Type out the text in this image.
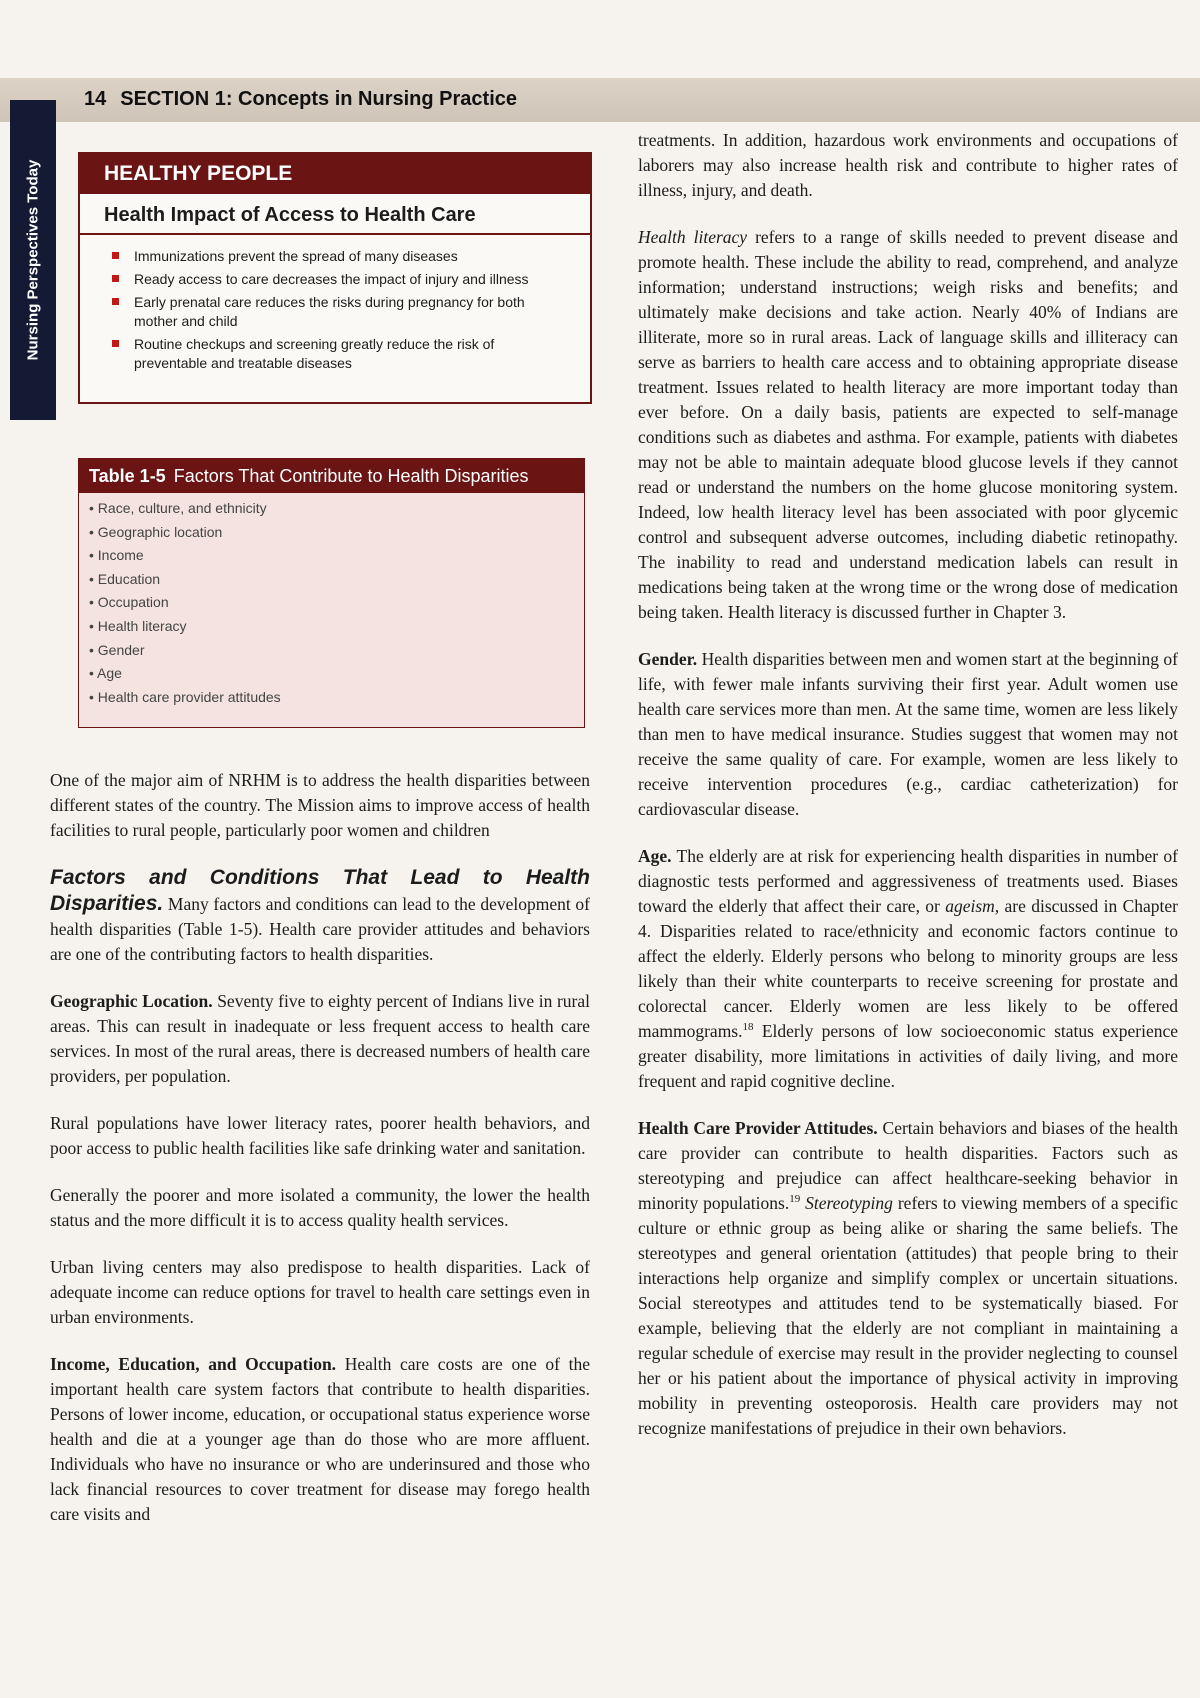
14 SECTION 1: Concepts in Nursing Practice
Nursing Perspectives Today	HEALTHY PEOPLE
Health Impact of Access to Health Care
Immunizations prevent the spread of many diseases
Ready access to care decreases the impact of injury and illness
Early prenatal care reduces the risks during pregnancy for both mother and child
Routine checkups and screening greatly reduce the risk of preventable and treatable diseases
Table 1-5 Factors That Contribute to Health Disparities
• Race, culture, and ethnicity
• Geographic location
• Income
• Education
• Occupation
• Health literacy
• Gender
• Age
• Health care provider attitudes

One of the major aim of NRHM is to address the health disparities between different states of the country. The Mission aims to improve access of health facilities to rural people, particularly poor women and children

Factors and Conditions That Lead to Health Disparities. Many factors and conditions can lead to the development of health disparities (Table 1-5). Health care provider attitudes and behaviors are one of the contributing factors to health disparities.

Geographic Location. Seventy five to eighty percent of Indians live in rural areas. This can result in inadequate or less frequent access to health care services. In most of the rural areas, there is decreased numbers of health care providers, per population.

Rural populations have lower literacy rates, poorer health behaviors, and poor access to public health facilities like safe drinking water and sanitation.

Generally the poorer and more isolated a community, the lower the health status and the more difficult it is to access quality health services.

Urban living centers may also predispose to health disparities. Lack of adequate income can reduce options for travel to health care settings even in urban environments.

Income, Education, and Occupation. Health care costs are one of the important health care system factors that contribute to health disparities. Persons of lower income, education, or occupational status experience worse health and die at a younger age than do those who are more affluent. Individuals who have no insurance or who are underinsured and those who lack financial resources to cover treatment for disease may forego health care visits and

treatments. In addition, hazardous work environments and occupations of laborers may also increase health risk and contribute to higher rates of illness, injury, and death.

Health literacy refers to a range of skills needed to prevent disease and promote health. These include the ability to read, comprehend, and analyze information; understand instructions; weigh risks and benefits; and ultimately make decisions and take action. Nearly 40% of Indians are illiterate, more so in rural areas. Lack of language skills and illiteracy can serve as barriers to health care access and to obtaining appropriate disease treatment. Issues related to health literacy are more important today than ever before. On a daily basis, patients are expected to self-manage conditions such as diabetes and asthma. For example, patients with diabetes may not be able to maintain adequate blood glucose levels if they cannot read or understand the numbers on the home glucose monitoring system. Indeed, low health literacy level has been associated with poor glycemic control and subsequent adverse outcomes, including diabetic retinopathy. The inability to read and understand medication labels can result in medications being taken at the wrong time or the wrong dose of medication being taken. Health literacy is discussed further in Chapter 3.

Gender. Health disparities between men and women start at the beginning of life, with fewer male infants surviving their first year. Adult women use health care services more than men. At the same time, women are less likely than men to have medical insurance. Studies suggest that women may not receive the same quality of care. For example, women are less likely to receive intervention procedures (e.g., cardiac catheterization) for cardiovascular disease.

Age. The elderly are at risk for experiencing health disparities in number of diagnostic tests performed and aggressiveness of treatments used. Biases toward the elderly that affect their care, or ageism, are discussed in Chapter 4. Disparities related to race/ethnicity and economic factors continue to affect the elderly. Elderly persons who belong to minority groups are less likely than their white counterparts to receive screening for prostate and colorectal cancer. Elderly women are less likely to be offered mammograms.$^{18}$ Elderly persons of low socioeconomic status experience greater disability, more limitations in activities of daily living, and more frequent and rapid cognitive decline.

Health Care Provider Attitudes. Certain behaviors and biases of the health care provider can contribute to health disparities. Factors such as stereotyping and prejudice can affect healthcare-seeking behavior in minority populations.$^{19}$ Stereotyping refers to viewing members of a specific culture or ethnic group as being alike or sharing the same beliefs. The stereotypes and general orientation (attitudes) that people bring to their interactions help organize and simplify complex or uncertain situations. Social stereotypes and attitudes tend to be systematically biased. For example, believing that the elderly are not compliant in maintaining a regular schedule of exercise may result in the provider neglecting to counsel her or his patient about the importance of physical activity in improving mobility in preventing osteoporosis. Health care providers may not recognize manifestations of prejudice in their own behaviors.
